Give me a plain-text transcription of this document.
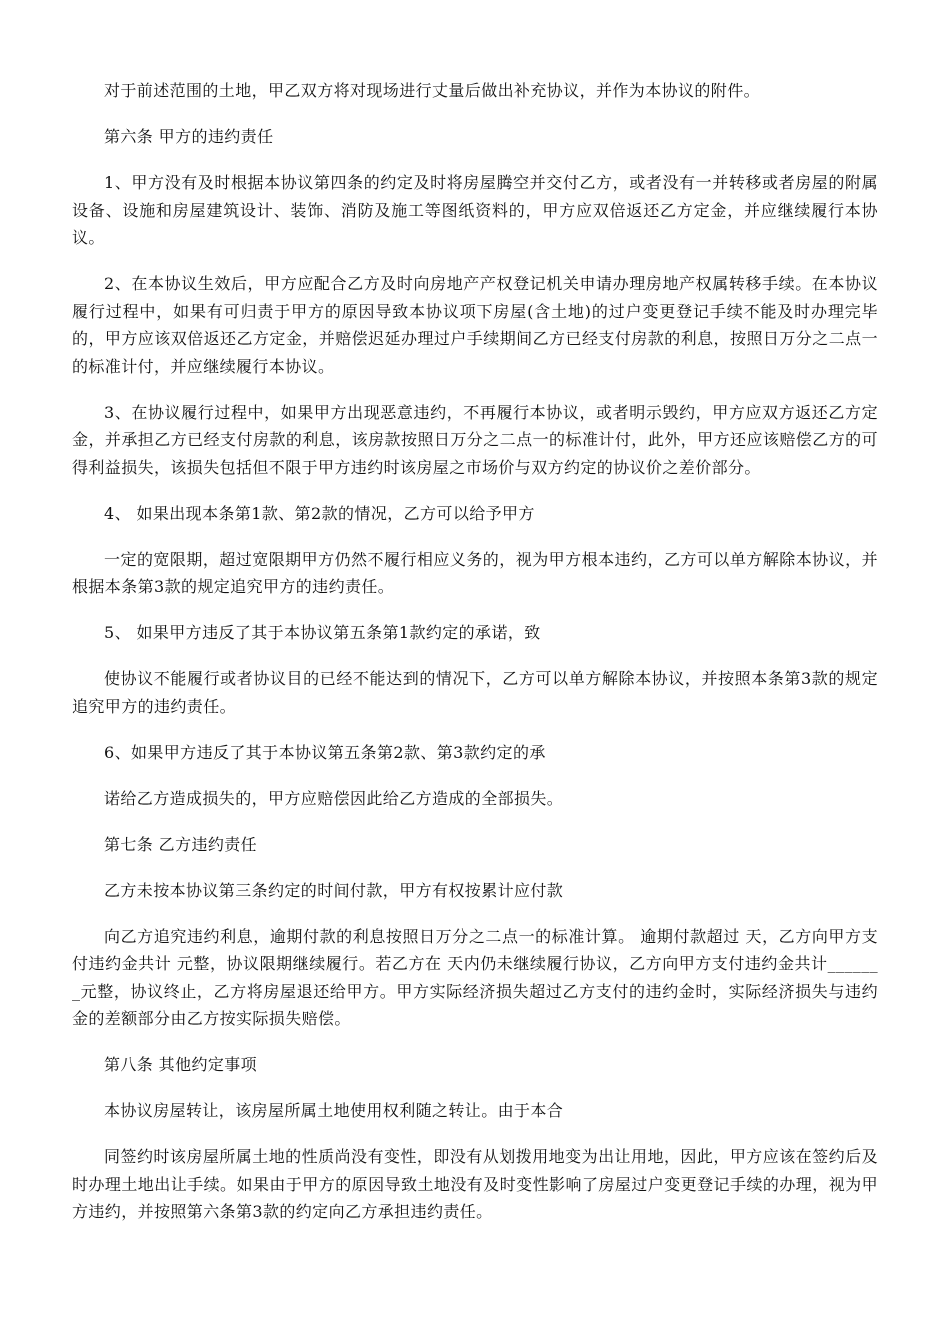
对于前述范围的土地，甲乙双方将对现场进行丈量后做出补充协议，并作为本协议的附件。

第六条 甲方的违约责任

1、甲方没有及时根据本协议第四条的约定及时将房屋腾空并交付乙方，或者没有一并转移或者房屋的附属设备、设施和房屋建筑设计、装饰、消防及施工等图纸资料的，甲方应双倍返还乙方定金，并应继续履行本协议。

2、在本协议生效后，甲方应配合乙方及时向房地产产权登记机关申请办理房地产权属转移手续。在本协议履行过程中，如果有可归责于甲方的原因导致本协议项下房屋(含土地)的过户变更登记手续不能及时办理完毕的，甲方应该双倍返还乙方定金，并赔偿迟延办理过户手续期间乙方已经支付房款的利息，按照日万分之二点一的标准计付，并应继续履行本协议。

3、在协议履行过程中，如果甲方出现恶意违约，不再履行本协议，或者明示毁约，甲方应双方返还乙方定金，并承担乙方已经支付房款的利息，该房款按照日万分之二点一的标准计付，此外，甲方还应该赔偿乙方的可得利益损失，该损失包括但不限于甲方违约时该房屋之市场价与双方约定的协议价之差价部分。

4、 如果出现本条第1款、第2款的情况，乙方可以给予甲方

一定的宽限期，超过宽限期甲方仍然不履行相应义务的，视为甲方根本违约，乙方可以单方解除本协议，并根据本条第3款的规定追究甲方的违约责任。

5、 如果甲方违反了其于本协议第五条第1款约定的承诺，致

使协议不能履行或者协议目的已经不能达到的情况下，乙方可以单方解除本协议，并按照本条第3款的规定追究甲方的违约责任。

6、如果甲方违反了其于本协议第五条第2款、第3款约定的承

诺给乙方造成损失的，甲方应赔偿因此给乙方造成的全部损失。

第七条 乙方违约责任

乙方未按本协议第三条约定的时间付款，甲方有权按累计应付款

向乙方追究违约利息，逾期付款的利息按照日万分之二点一的标准计算。 逾期付款超过 天，乙方向甲方支付违约金共计 元整，协议限期继续履行。若乙方在 天内仍未继续履行协议，乙方向甲方支付违约金共计_______元整，协议终止，乙方将房屋退还给甲方。甲方实际经济损失超过乙方支付的违约金时，实际经济损失与违约金的差额部分由乙方按实际损失赔偿。

第八条 其他约定事项

本协议房屋转让，该房屋所属土地使用权利随之转让。由于本合

同签约时该房屋所属土地的性质尚没有变性，即没有从划拨用地变为出让用地，因此，甲方应该在签约后及时办理土地出让手续。如果由于甲方的原因导致土地没有及时变性影响了房屋过户变更登记手续的办理，视为甲方违约，并按照第六条第3款的约定向乙方承担违约责任。
